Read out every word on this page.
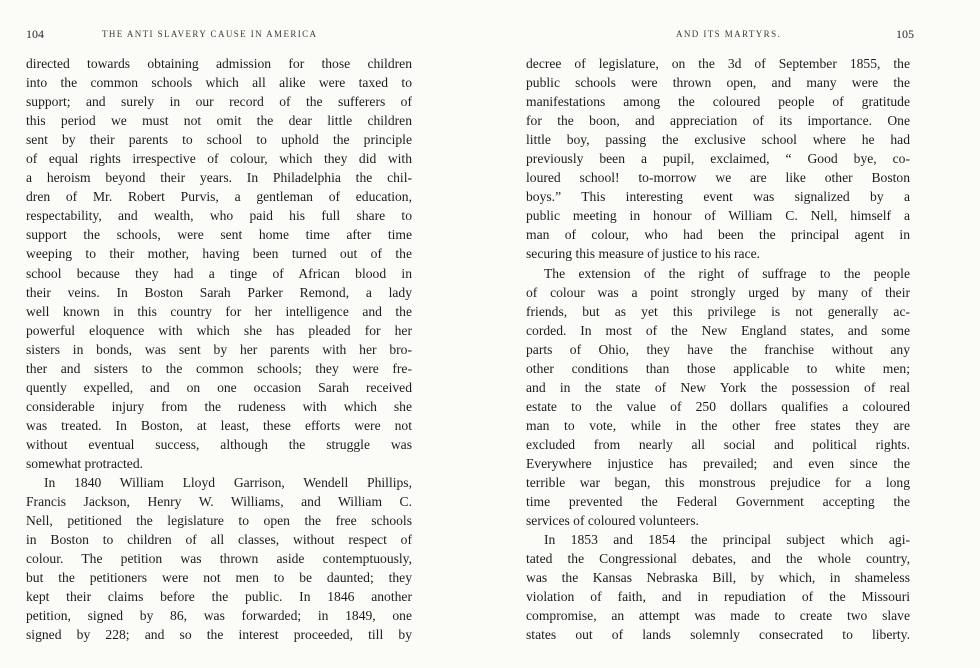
104	THE ANTI SLAVERY CAUSE IN AMERICA
directed towards obtaining admission for those children
into the common schools which all alike were taxed to
support; and surely in our record of the sufferers of
this period we must not omit the dear little children
sent by their parents to school to uphold the principle
of equal rights irrespective of colour, which they did with
a heroism beyond their years. In Philadelphia the chil-
dren of Mr. Robert Purvis, a gentleman of education,
respectability, and wealth, who paid his full share to
support the schools, were sent home time after time
weeping to their mother, having been turned out of the
school because they had a tinge of African blood in
their veins. In Boston Sarah Parker Remond, a lady
well known in this country for her intelligence and the
powerful eloquence with which she has pleaded for her
sisters in bonds, was sent by her parents with her bro-
ther and sisters to the common schools; they were fre-
quently expelled, and on one occasion Sarah received
considerable injury from the rudeness with which she
was treated. In Boston, at least, these efforts were not
without eventual success, although the struggle was
somewhat protracted.
In 1840 William Lloyd Garrison, Wendell Phillips,
Francis Jackson, Henry W. Williams, and William C.
Nell, petitioned the legislature to open the free schools
in Boston to children of all classes, without respect of
colour. The petition was thrown aside contemptuously,
but the petitioners were not men to be daunted; they
kept their claims before the public. In 1846 another
petition, signed by 86, was forwarded; in 1849, one
signed by 228; and so the interest proceeded, till by
AND ITS MARTYRS.	105
decree of legislature, on the 3d of September 1855, the
public schools were thrown open, and many were the
manifestations among the coloured people of gratitude
for the boon, and appreciation of its importance. One
little boy, passing the exclusive school where he had
previously been a pupil, exclaimed, “ Good bye, co-
loured school! to-morrow we are like other Boston
boys.” This interesting event was signalized by a
public meeting in honour of William C. Nell, himself a
man of colour, who had been the principal agent in
securing this measure of justice to his race.
The extension of the right of suffrage to the people
of colour was a point strongly urged by many of their
friends, but as yet this privilege is not generally ac-
corded. In most of the New England states, and some
parts of Ohio, they have the franchise without any
other conditions than those applicable to white men;
and in the state of New York the possession of real
estate to the value of 250 dollars qualifies a coloured
man to vote, while in the other free states they are
excluded from nearly all social and political rights.
Everywhere injustice has prevailed; and even since the
terrible war began, this monstrous prejudice for a long
time prevented the Federal Government accepting the
services of coloured volunteers.
In 1853 and 1854 the principal subject which agi-
tated the Congressional debates, and the whole country,
was the Kansas Nebraska Bill, by which, in shameless
violation of faith, and in repudiation of the Missouri
compromise, an attempt was made to create two slave
states out of lands solemnly consecrated to liberty.
